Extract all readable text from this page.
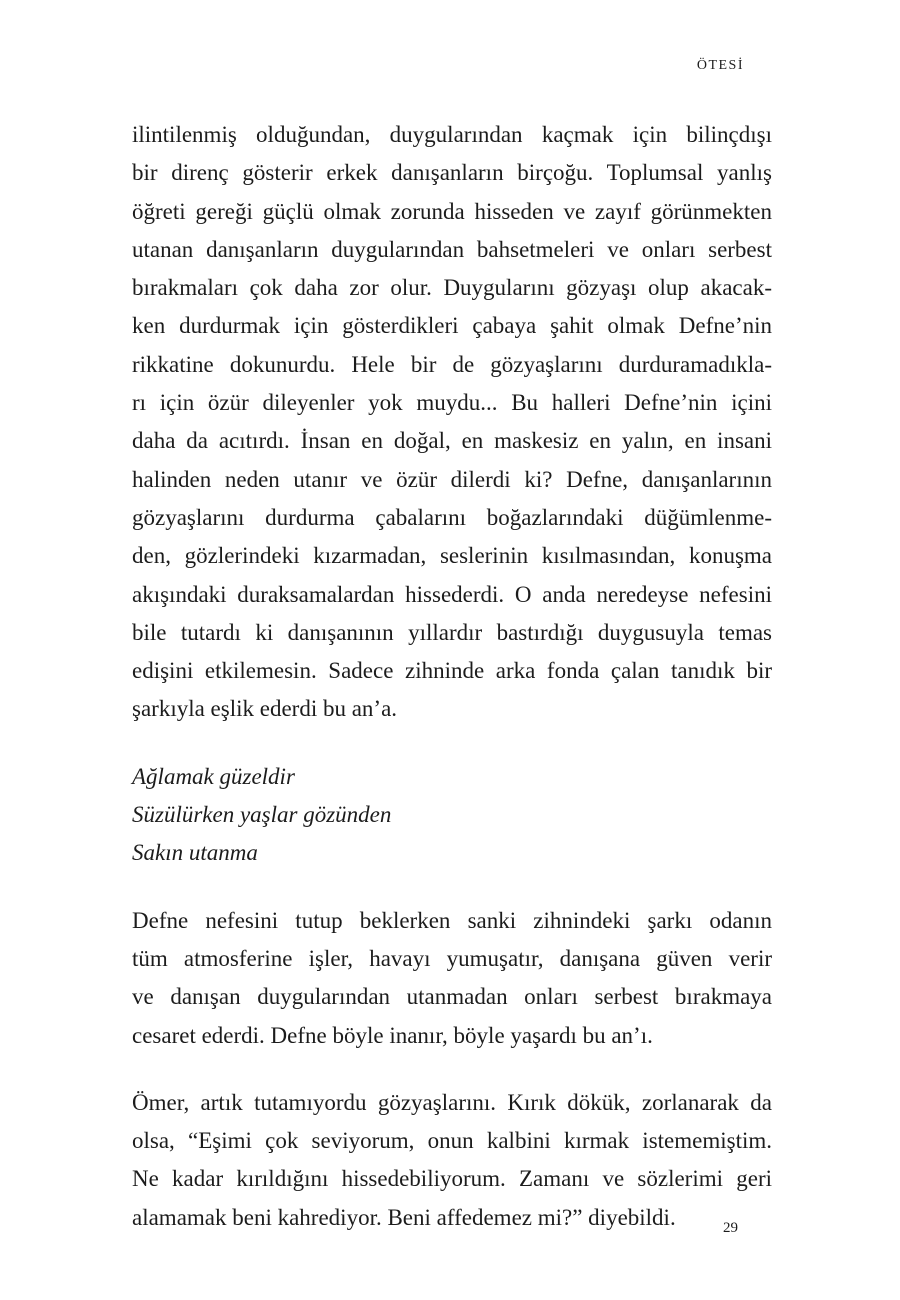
ÖTESİ
ilintilenmiş olduğundan, duygularından kaçmak için bilinçdışı
bir direnç gösterir erkek danışanların birçoğu. Toplumsal yanlış
öğreti gereği güçlü olmak zorunda hisseden ve zayıf görünmekten
utanan danışanların duygularından bahsetmeleri ve onları serbest
bırakmaları çok daha zor olur. Duygularını gözyaşı olup akacak-
ken durdurmak için gösterdikleri çabaya şahit olmak Defne’nin
rikkatine dokunurdu. Hele bir de gözyaşlarını durduramadıkla-
rı için özür dileyenler yok muydu... Bu halleri Defne’nin içini
daha da acıtırdı. İnsan en doğal, en maskesiz en yalın, en insani
halinden neden utanır ve özür dilerdi ki? Defne, danışanlarının
gözyaşlarını durdurma çabalarını boğazlarındaki düğümlenme-
den, gözlerindeki kızarmadan, seslerinin kısılmasından, konuşma
akışındaki duraksamalardan hissederdi. O anda neredeyse nefesini
bile tutardı ki danışanının yıllardır bastırdığı duygusuyla temas
edişini etkilemesin. Sadece zihninde arka fonda çalan tanıdık bir
şarkıyla eşlik ederdi bu an’a.
Ağlamak güzeldir
Süzülürken yaşlar gözünden
Sakın utanma
Defne nefesini tutup beklerken sanki zihnindeki şarkı odanın
tüm atmosferine işler, havayı yumuşatır, danışana güven verir
ve danışan duygularından utanmadan onları serbest bırakmaya
cesaret ederdi. Defne böyle inanır, böyle yaşardı bu an’ı.
Ömer, artık tutamıyordu gözyaşlarını. Kırık dökük, zorlanarak da
olsa, “Eşimi çok seviyorum, onun kalbini kırmak istememiştim.
Ne kadar kırıldığını hissedebiliyorum. Zamanı ve sözlerimi geri
alamamak beni kahrediyor. Beni affedemez mi?” diyebildi.	29
